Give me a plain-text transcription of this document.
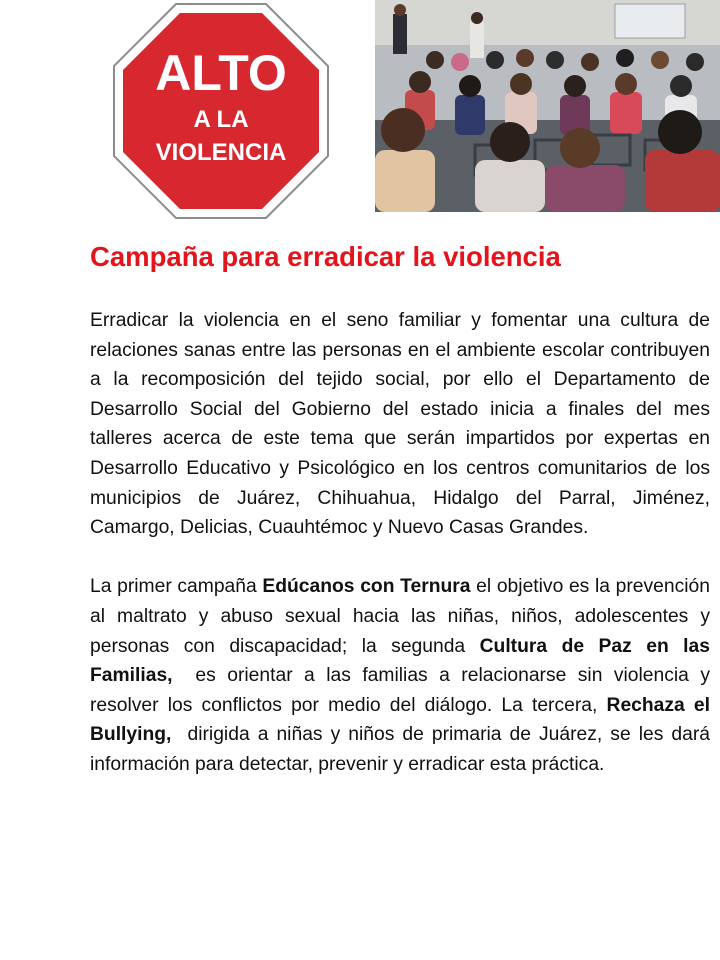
ALTO
A LA
VIOLENCIA
Campaña para erradicar la violencia

Erradicar la violencia en el seno familiar y fomentar una cultura de relaciones sanas entre las personas en el ambiente escolar contribuyen a la recomposición del tejido social, por ello el Departamento de Desarrollo Social del Gobierno del estado inicia a finales del mes talleres acerca de este tema que serán impartidos por expertas en Desarrollo Educativo y Psicológico en los centros comunitarios de los municipios de Juárez, Chihuahua, Hidalgo del Parral, Jiménez, Camargo, Delicias, Cuauhtémoc y Nuevo Casas Grandes.

La primer campaña Edúcanos con Ternura el objetivo es la prevención al maltrato y abuso sexual hacia las niñas, niños, adolescentes y personas con discapacidad; la segunda Cultura de Paz en las Familias,  es orientar a las familias a relacionarse sin violencia y resolver los conflictos por medio del diálogo. La tercera, Rechaza el Bullying,  dirigida a niñas y niños de primaria de Juárez, se les dará información para detectar, prevenir y erradicar esta práctica.
